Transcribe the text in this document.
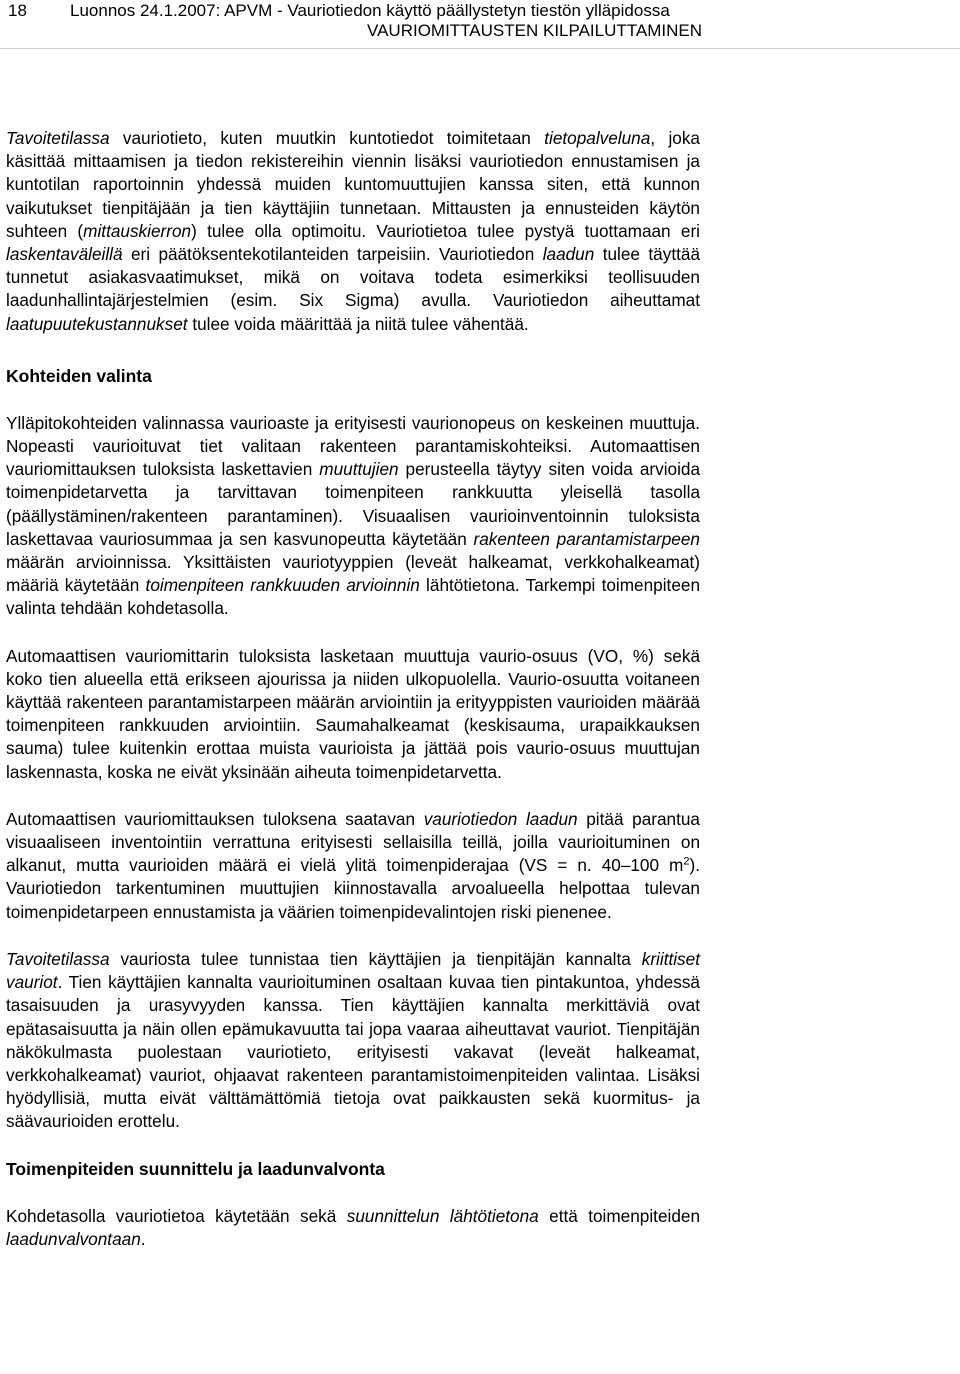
18	Luonnos 24.1.2007: APVM - Vauriotiedon käyttö päällystetyn tiestön ylläpidossa
VAURIOMITTAUSTEN KILPAILUTTAMINEN

Tavoitetilassa vauriotieto, kuten muutkin kuntotiedot toimitetaan tietopalveluna, joka käsittää mittaamisen ja tiedon rekistereihin viennin lisäksi vauriotiedon ennustamisen ja kuntotilan raportoinnin yhdessä muiden kuntomuuttujien kanssa siten, että kunnon vaikutukset tienpitäjään ja tien käyttäjiin tunnetaan. Mittausten ja ennusteiden käytön suhteen (mittauskierron) tulee olla optimoitu. Vauriotietoa tulee pystyä tuottamaan eri laskentaväleillä eri päätöksentekotilanteiden tarpeisiin. Vauriotiedon laadun tulee täyttää tunnetut asiakasvaatimukset, mikä on voitava todeta esimerkiksi teollisuuden laadunhallintajärjestelmien (esim. Six Sigma) avulla. Vauriotiedon aiheuttamat laatupuutekustannukset tulee voida määrittää ja niitä tulee vähentää.

Kohteiden valinta

Ylläpitokohteiden valinnassa vaurioaste ja erityisesti vaurionopeus on keskeinen muuttuja. Nopeasti vaurioituvat tiet valitaan rakenteen parantamiskohteiksi. Automaattisen vauriomittauksen tuloksista laskettavien muuttujien perusteella täytyy siten voida arvioida toimenpidetarvetta ja tarvittavan toimenpiteen rankkuutta yleisellä tasolla (päällystäminen/rakenteen parantaminen). Visuaalisen vaurioinventoinnin tuloksista laskettavaa vauriosummaa ja sen kasvunopeutta käytetään rakenteen parantamistarpeen määrän arvioinnissa. Yksittäisten vauriotyyppien (leveät halkeamat, verkkohalkeamat) määriä käytetään toimenpiteen rankkuuden arvioinnin lähtötietona. Tarkempi toimenpiteen valinta tehdään kohdetasolla.

Automaattisen vauriomittarin tuloksista lasketaan muuttuja vaurio-osuus (VO, %) sekä koko tien alueella että erikseen ajourissa ja niiden ulkopuolella. Vaurio-osuutta voitaneen käyttää rakenteen parantamistarpeen määrän arviointiin ja erityyppisten vaurioiden määrää toimenpiteen rankkuuden arviointiin. Saumahalkeamat (keskisauma, urapaikkauksen sauma) tulee kuitenkin erottaa muista vaurioista ja jättää pois vaurio-osuus muuttujan laskennasta, koska ne eivät yksinään aiheuta toimenpidetarvetta.

Automaattisen vauriomittauksen tuloksena saatavan vauriotiedon laadun pitää parantua visuaaliseen inventointiin verrattuna erityisesti sellaisilla teillä, joilla vaurioituminen on alkanut, mutta vaurioiden määrä ei vielä ylitä toimenpiderajaa (VS = n. 40–100 $m^2$). Vauriotiedon tarkentuminen muuttujien kiinnostavalla arvoalueella helpottaa tulevan toimenpidetarpeen ennustamista ja väärien toimenpidevalintojen riski pienenee.

Tavoitetilassa vauriosta tulee tunnistaa tien käyttäjien ja tienpitäjän kannalta kriittiset vauriot. Tien käyttäjien kannalta vaurioituminen osaltaan kuvaa tien pintakuntoa, yhdessä tasaisuuden ja urasyvyyden kanssa. Tien käyttäjien kannalta merkittäviä ovat epätasaisuutta ja näin ollen epämukavuutta tai jopa vaaraa aiheuttavat vauriot. Tienpitäjän näkökulmasta puolestaan vauriotieto, erityisesti vakavat (leveät halkeamat, verkkohalkeamat) vauriot, ohjaavat rakenteen parantamistoimenpiteiden valintaa. Lisäksi hyödyllisiä, mutta eivät välttämättömiä tietoja ovat paikkausten sekä kuormitus- ja säävaurioiden erottelu.

Toimenpiteiden suunnittelu ja laadunvalvonta

Kohdetasolla vauriotietoa käytetään sekä suunnittelun lähtötietona että toimenpiteiden laadunvalvontaan.
